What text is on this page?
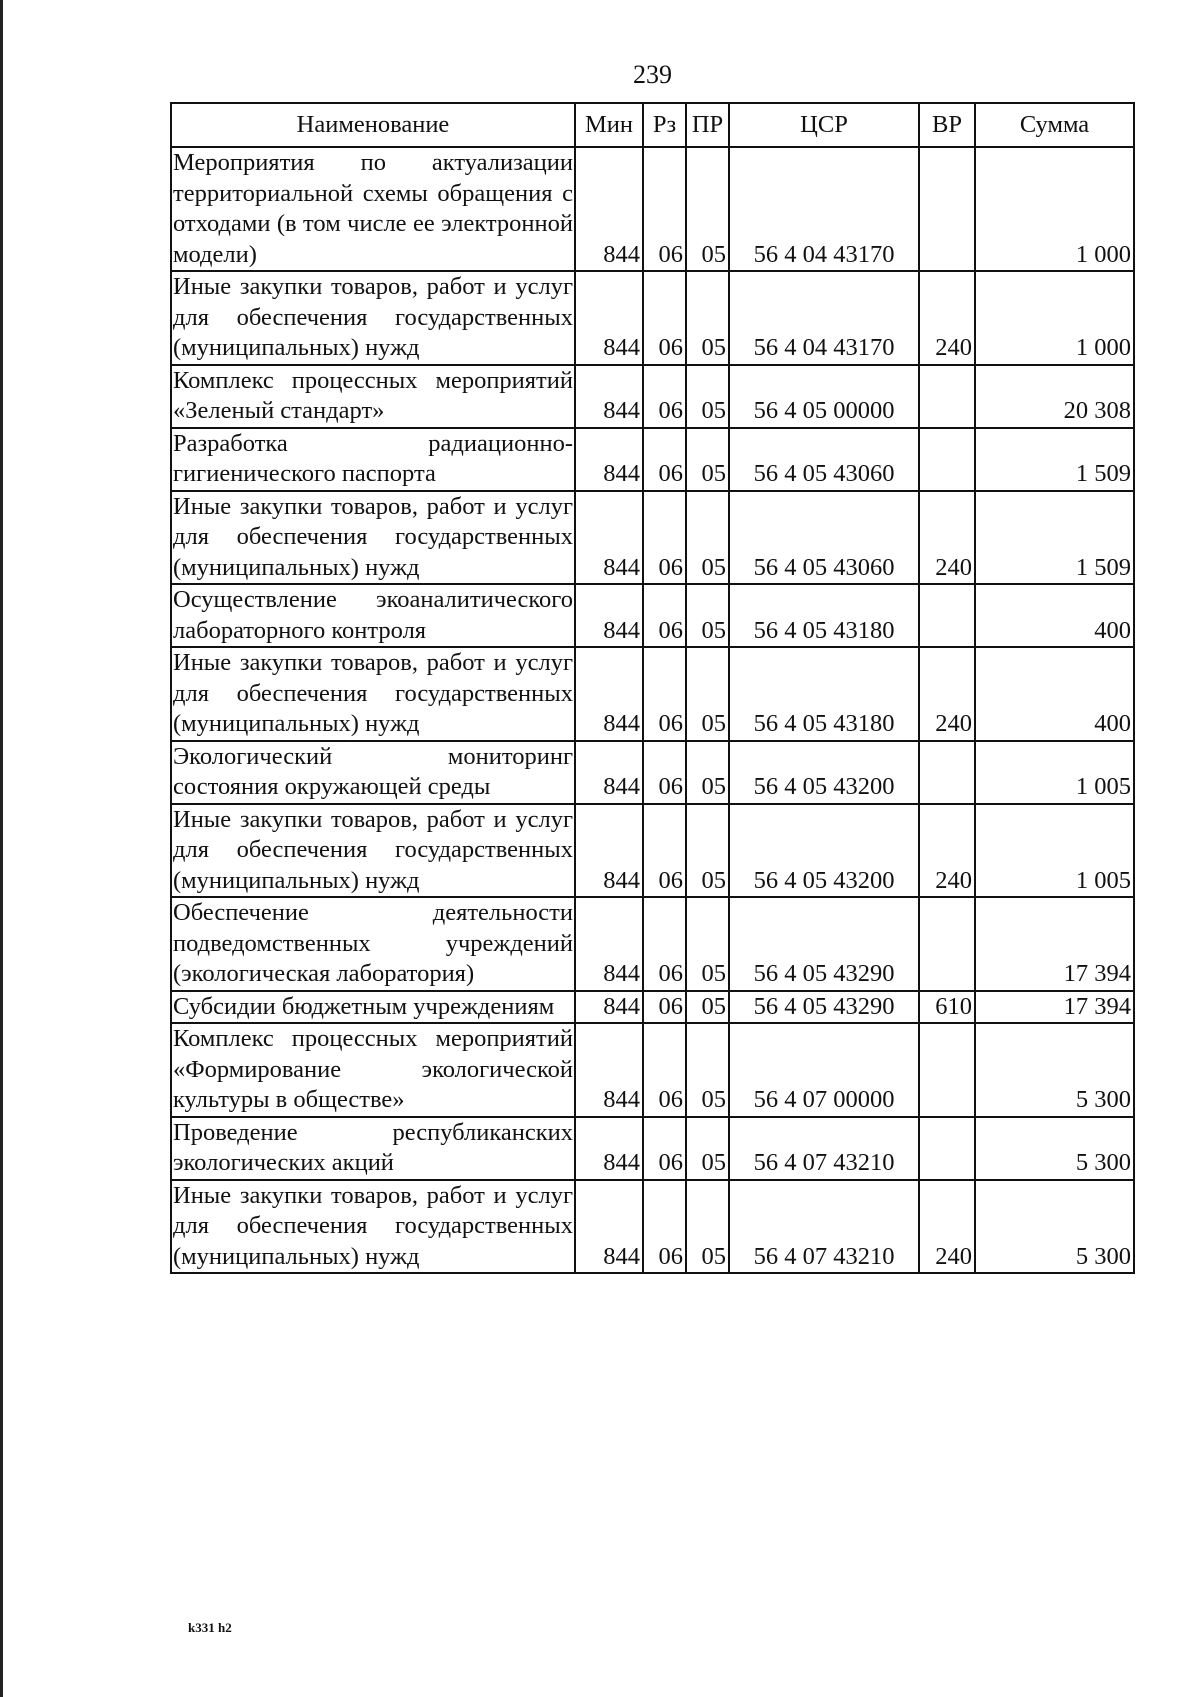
239
Наименование	Мин	Рз	ПР	ЦСР	ВР	Сумма
Мероприятия по актуализации территориальной схемы обращения с отходами (в том числе ее электронной модели)	844	06	05	56 4 04 43170		1 000
Иные закупки товаров, работ и услуг для обеспечения государственных (муниципальных) нужд	844	06	05	56 4 04 43170	240	1 000
Комплекс процессных мероприятий «Зеленый стандарт»	844	06	05	56 4 05 00000		20 308
Разработка радиационно-гигиенического паспорта	844	06	05	56 4 05 43060		1 509
Иные закупки товаров, работ и услуг для обеспечения государственных (муниципальных) нужд	844	06	05	56 4 05 43060	240	1 509
Осуществление экоаналитического лабораторного контроля	844	06	05	56 4 05 43180		400
Иные закупки товаров, работ и услуг для обеспечения государственных (муниципальных) нужд	844	06	05	56 4 05 43180	240	400
Экологический мониторинг состояния окружающей среды	844	06	05	56 4 05 43200		1 005
Иные закупки товаров, работ и услуг для обеспечения государственных (муниципальных) нужд	844	06	05	56 4 05 43200	240	1 005
Обеспечение деятельности подведомственных учреждений (экологическая лаборатория)	844	06	05	56 4 05 43290		17 394
Субсидии бюджетным учреждениям	844	06	05	56 4 05 43290	610	17 394
Комплекс процессных мероприятий «Формирование экологической культуры в обществе»	844	06	05	56 4 07 00000		5 300
Проведение республиканских экологических акций	844	06	05	56 4 07 43210		5 300
Иные закупки товаров, работ и услуг для обеспечения государственных (муниципальных) нужд	844	06	05	56 4 07 43210	240	5 300
k331 h2
